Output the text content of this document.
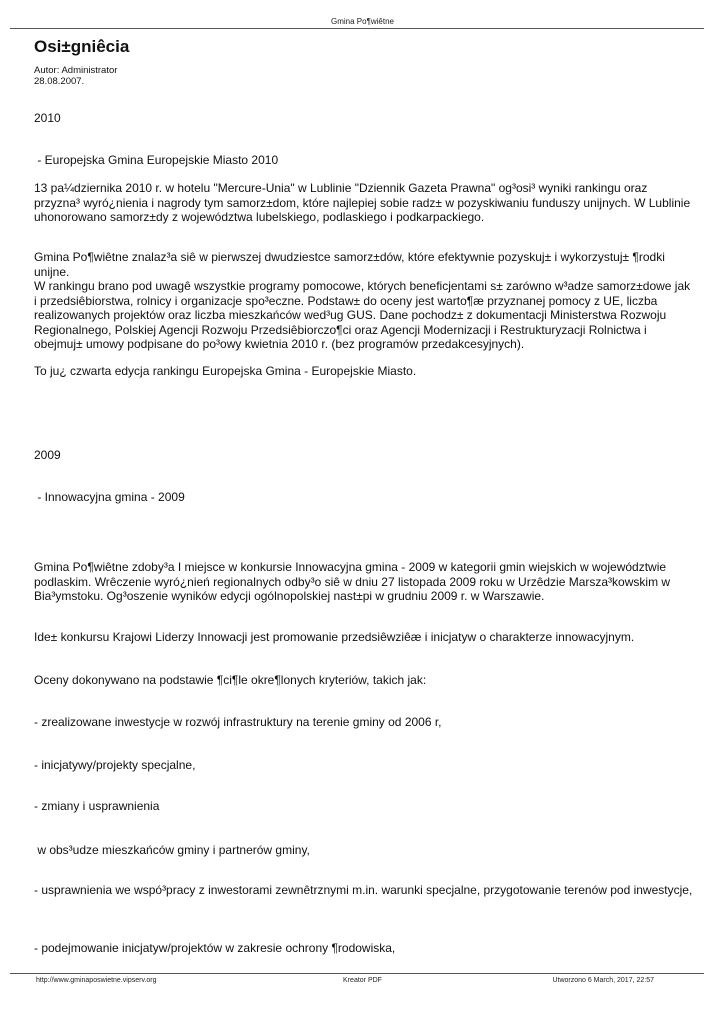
Gmina Po¶wiêtne
Osi±gniêcia
Autor: Administrator
28.08.2007.

2010

- Europejska Gmina Europejskie Miasto 2010

13 pa¼dziernika 2010 r. w hotelu "Mercure-Unia" w Lublinie "Dziennik Gazeta Prawna" og³osi³ wyniki rankingu oraz przyzna³ wyró¿nienia i nagrody tym samorz±dom, które najlepiej sobie radz± w pozyskiwaniu funduszy unijnych. W Lublinie uhonorowano samorz±dy z województwa lubelskiego, podlaskiego i podkarpackiego.

Gmina Po¶wiêtne znalaz³a siê w pierwszej dwudziestce samorz±dów, które efektywnie pozyskuj± i wykorzystuj± ¶rodki unijne.
W rankingu brano pod uwagê wszystkie programy pomocowe, których beneficjentami s± zarówno w³adze samorz±dowe jak i przedsiêbiorstwa, rolnicy i organizacje spo³eczne. Podstaw± do oceny jest warto¶æ przyznanej pomocy z UE, liczba realizowanych projektów oraz liczba mieszkańców wed³ug GUS. Dane pochodz± z dokumentacji Ministerstwa Rozwoju Regionalnego, Polskiej Agencji Rozwoju Przedsiêbiorczo¶ci oraz Agencji Modernizacji i Restrukturyzacji Rolnictwa i obejmuj± umowy podpisane do po³owy kwietnia 2010 r. (bez programów przedakcesyjnych).

To ju¿ czwarta edycja rankingu Europejska Gmina - Europejskie Miasto.

2009

- Innowacyjna gmina - 2009

Gmina Po¶wiêtne zdoby³a I miejsce w konkursie Innowacyjna gmina - 2009 w kategorii gmin wiejskich w województwie podlaskim. Wrêczenie wyró¿nień regionalnych odby³o siê w dniu 27 listopada 2009 roku w Urzêdzie Marsza³kowskim w Bia³ymstoku. Og³oszenie wyników edycji ogólnopolskiej nast±pi w grudniu 2009 r. w Warszawie.

Ide± konkursu Krajowi Liderzy Innowacji jest promowanie przedsiêwziêæ i inicjatyw o charakterze innowacyjnym.

Oceny dokonywano na podstawie ¶ci¶le okre¶lonych kryteriów, takich jak:

- zrealizowane inwestycje w rozwój infrastruktury na terenie gminy od 2006 r,

- inicjatywy/projekty specjalne,

- zmiany i usprawnienia

w obs³udze mieszkańców gminy i partnerów gminy,

- usprawnienia we wspó³pracy z inwestorami zewnêtrznymi m.in. warunki specjalne, przygotowanie terenów pod inwestycje,

- podejmowanie inicjatyw/projektów w zakresie ochrony ¶rodowiska,

http://www.gminaposwietne.vipserv.org	Kreator PDF	Utworzono 6 March, 2017, 22:57
